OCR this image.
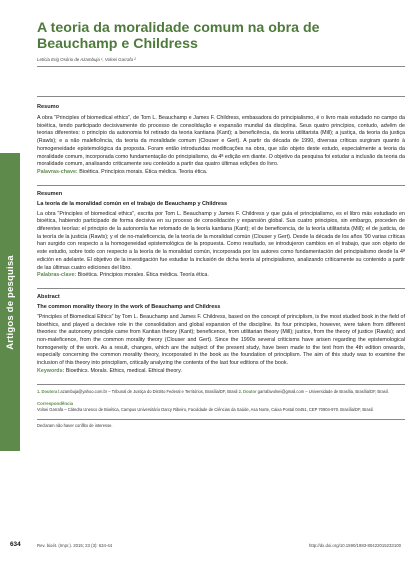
Artigos de pesquisa
A teoria da moralidade comum na obra de Beauchamp e Childress
Letícia Erig Osório de Azambuja ¹, Volnei Garrafa ²
Resumo

A obra “Principles of biomedical ethics”, de Tom L. Beauchamp e James F. Childress, embasadora do principialismo, é o livro mais estudado no campo da bioética, tendo participado decisivamente do processo de consolidação e expansão mundial da disciplina. Seus quatro princípios, contudo, advêm de teorias diferentes: o princípio da autonomia foi retirado da teoria kantiana (Kant); a beneficência, da teoria utilitarista (Mill); a justiça, da teoria da justiça (Rawls); e a não maleficência, da teoria da moralidade comum (Clouser e Gert). A partir da década de 1990, diversas críticas surgiram quanto à homogeneidade epistemológica da proposta. Foram então introduzidas modificações na obra, que são objeto deste estudo, especialmente a teoria da moralidade comum, incorporada como fundamentação do principialismo, da 4ª edição em diante. O objetivo da pesquisa foi estudar a inclusão da teoria da moralidade comum, analisando criticamente seu conteúdo a partir das quatro últimas edições do livro.

Palavras-chave: Bioética. Princípios morais. Ética médica. Teoria ética.
Resumen
La teoría de la moralidad común en el trabajo de Beauchamp y Childress

La obra “Principles of biomedical ethics”, escrita por Tom L. Beauchamp y James F. Childress y que guía el principialismo, es el libro más estudiado en bioética, habiendo participado de forma decisiva en su proceso de consolidación y expansión global. Sus cuatro principios, sin embargo, proceden de diferentes teorías: el principio de la autonomía fue retomado de la teoría kantiana (Kant); el de beneficencia, de la teoría utilitarista (Mill); el de justicia, de la teoría de la justicia (Rawls); y el de no-maleficencia, de la teoría de la moralidad común (Clouser y Gert). Desde la década de los años ’90 varias críticas han surgido con respecto a la homogeneidad epistemológica de la propuesta. Como resultado, se introdujeron cambios en el trabajo, que son objeto de este estudio, sobre todo con respecto a la teoría de la moralidad común, incorporada por los autores como fundamentación del principialismo desde la 4ª edición en adelante. El objetivo de la investigación fue estudiar la inclusión de dicha teoría al principialismo, analizando críticamente su contenido a partir de las últimas cuatro ediciones del libro.

Palabras-clave: Bioética. Principios morales. Ética médica. Teoría ética.
Abstract
The common morality theory in the work of Beauchamp and Childress

“Principles of Biomedical Ethics” by Tom L. Beauchamp and James F. Childress, based on the concept of principlism, is the most studied book in the field of bioethics, and played a decisive role in the consolidation and global expansion of the discipline. Its four principles, however, were taken from different theories: the autonomy principle came from Kantian theory (Kant); beneficence, from utilitarian theory (Mill); justice, from the theory of justice (Rawls); and non-maleficence, from the common morality theory (Clouser and Gert). Since the 1990s several criticisms have arisen regarding the epistemological homogeneity of the work. As a result, changes, which are the subject of the present study, have been made to the text from the 4th edition onwards, especially concerning the common morality theory, incorporated in the book as the foundation of principlism. The aim of this study was to examine the inclusion of this theory into principlism, critically analyzing the contents of the last four editions of the book.

Keywords: Bioethics. Morals. Ethics, medical. Ethical theory.
1. Doutora l.azambuja@yahoo.com.br – Tribunal de Justiça do Distrito Federal e Territórios, Brasília/DF, Brasil 2. Doutor garrafavolnei@gmail.com – Universidade de Brasília, Brasília/DF, Brasil.
Correspondência
Volnei Garrafa – Cátedra Unesco de Bioética, Campus Universitário Darcy Ribeiro, Faculdade de Ciências da Saúde, Asa Norte, Caixa Postal 04451, CEP 70904-970. Brasília/DF, Brasil.
Declaram não haver conflito de interesse.
634	Rev. bioét. (Impr.). 2015; 23 (3): 634-44	http://dx.doi.org/10.1590/1983-80422015233100
